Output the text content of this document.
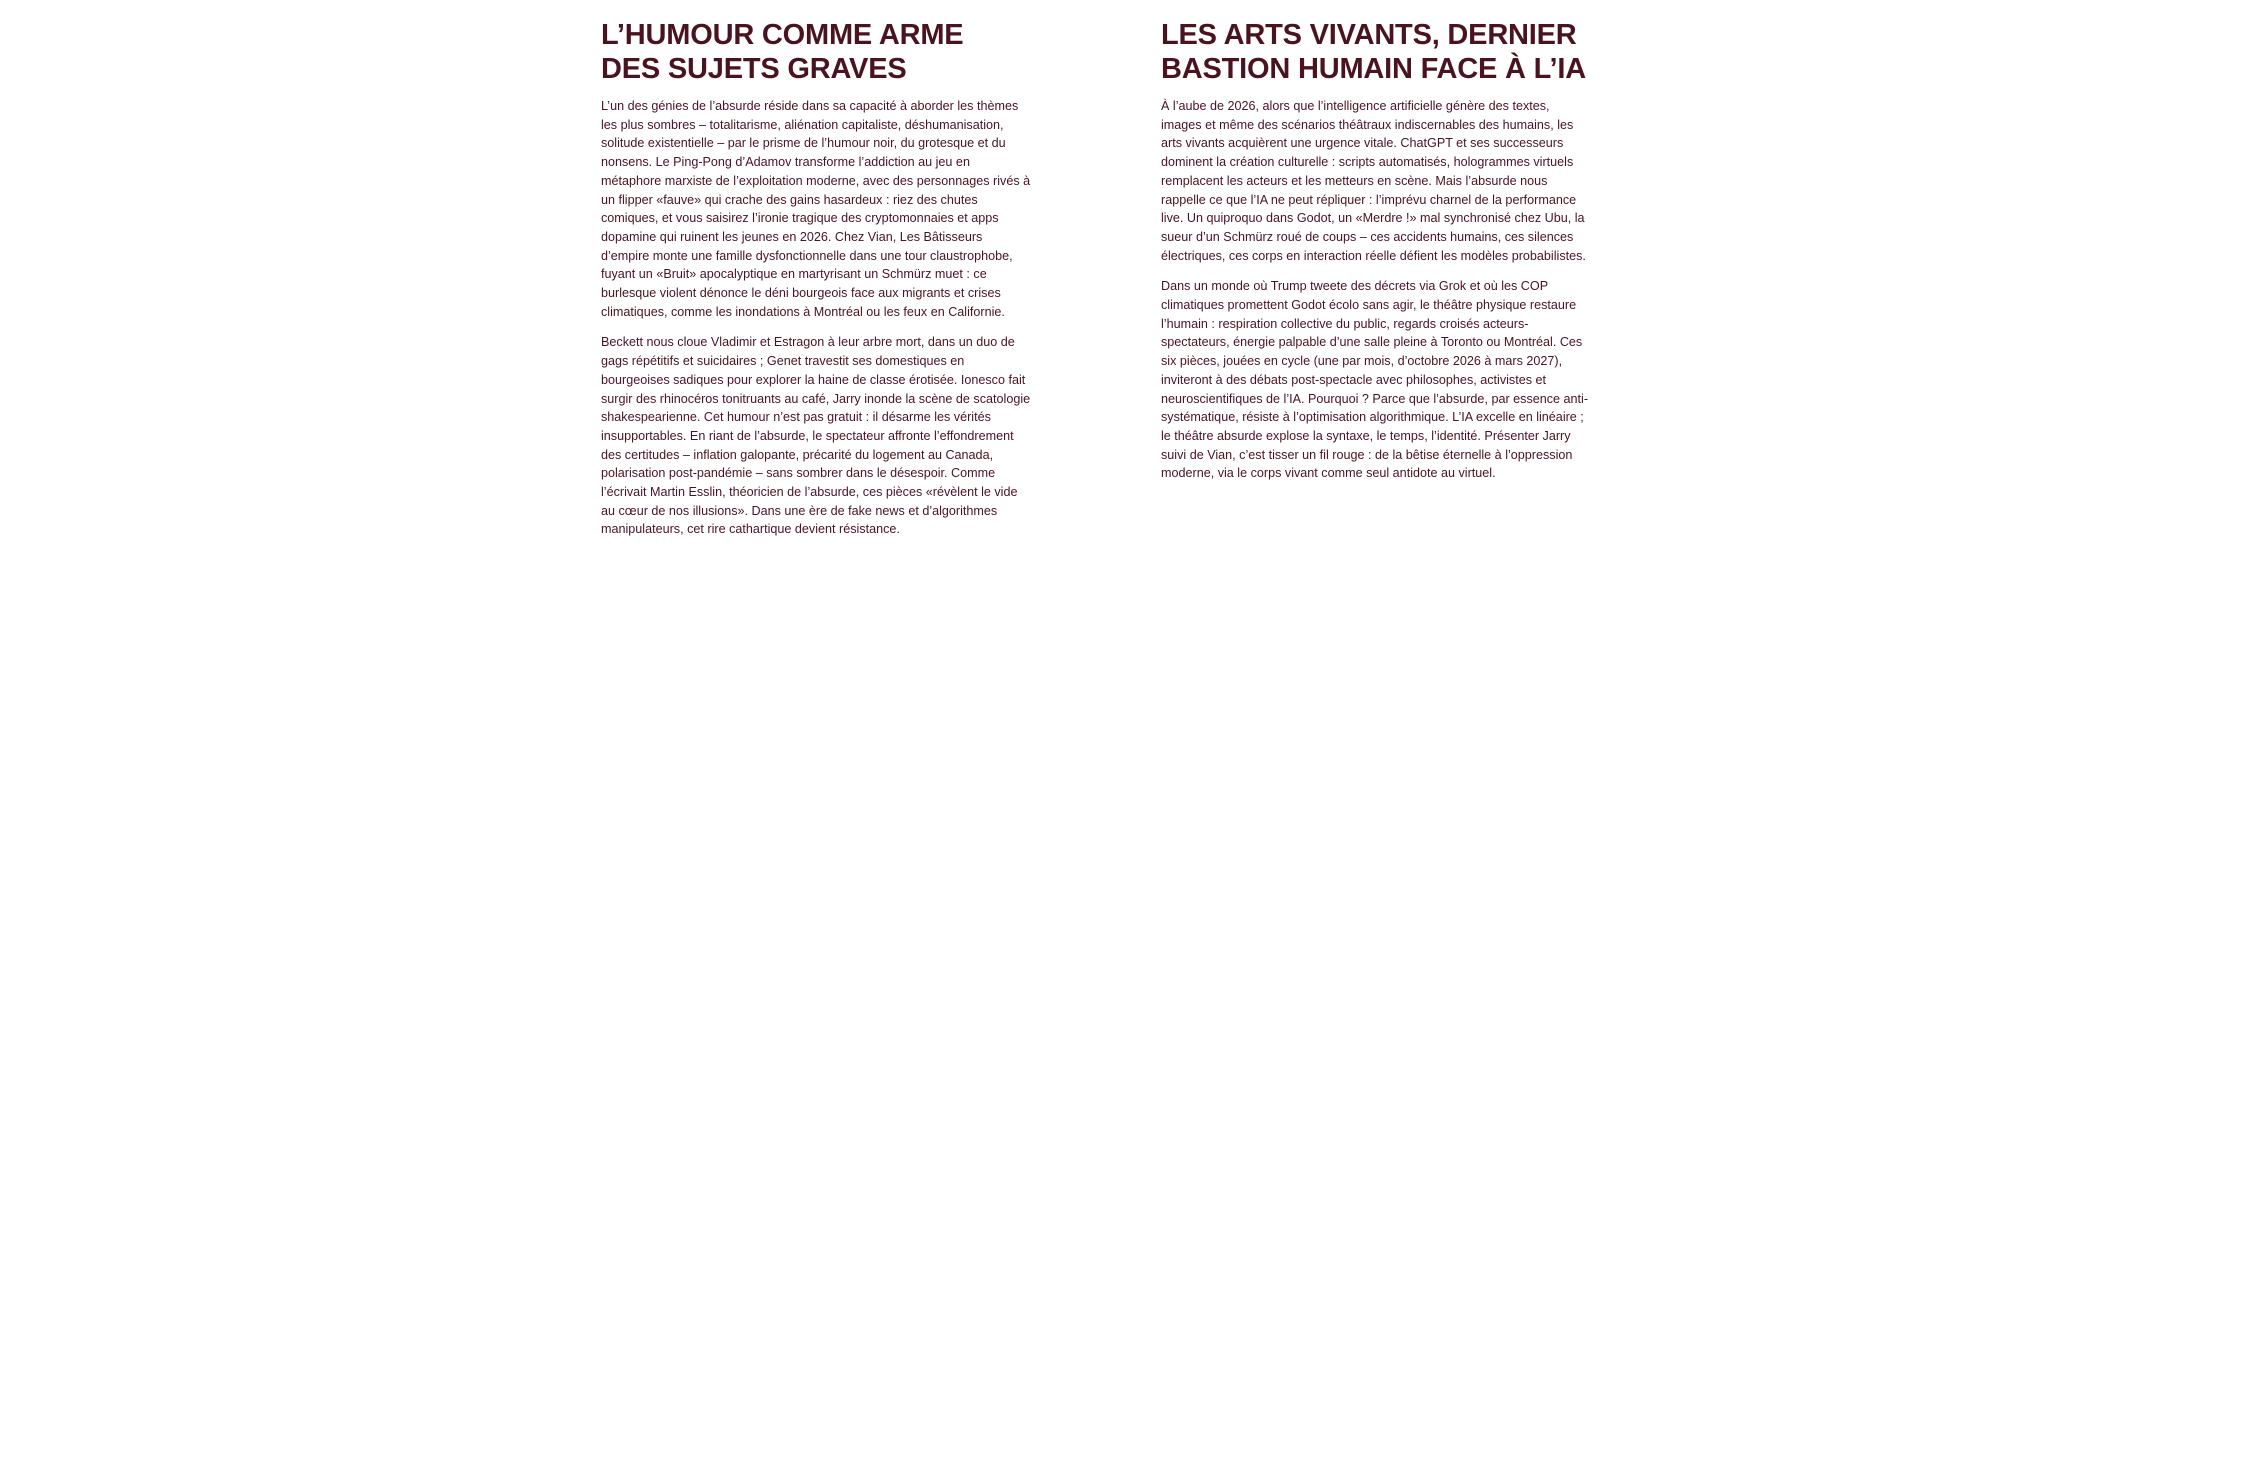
L’HUMOUR COMME ARME
DES SUJETS GRAVES

L’un des génies de l’absurde réside dans sa capacité à aborder les thèmes les plus sombres – totalitarisme, aliénation capitaliste, déshumanisation, solitude existentielle – par le prisme de l’humour noir, du grotesque et du nonsens. Le Ping-Pong d’Adamov transforme l’addiction au jeu en métaphore marxiste de l’exploitation moderne, avec des personnages rivés à un flipper «fauve» qui crache des gains hasardeux : riez des chutes comiques, et vous saisirez l’ironie tragique des cryptomonnaies et apps dopamine qui ruinent les jeunes en 2026. Chez Vian, Les Bâtisseurs d’empire monte une famille dysfonctionnelle dans une tour claustrophobe, fuyant un «Bruit» apocalyptique en martyrisant un Schmürz muet : ce burlesque violent dénonce le déni bourgeois face aux migrants et crises climatiques, comme les inondations à Montréal ou les feux en Californie.

Beckett nous cloue Vladimir et Estragon à leur arbre mort, dans un duo de gags répétitifs et suicidaires ; Genet travestit ses domestiques en bourgeoises sadiques pour explorer la haine de classe érotisée. Ionesco fait surgir des rhinocéros tonitruants au café, Jarry inonde la scène de scatologie shakespearienne. Cet humour n’est pas gratuit : il désarme les vérités insupportables. En riant de l’absurde, le spectateur affronte l’effondrement des certitudes – inflation galopante, précarité du logement au Canada, polarisation post-pandémie – sans sombrer dans le désespoir. Comme l’écrivait Martin Esslin, théoricien de l’absurde, ces pièces «révèlent le vide au cœur de nos illusions». Dans une ère de fake news et d’algorithmes manipulateurs, cet rire cathartique devient résistance.

LES ARTS VIVANTS, DERNIER
BASTION HUMAIN FACE À L’IA

À l’aube de 2026, alors que l’intelligence artificielle génère des textes, images et même des scénarios théâtraux indiscernables des humains, les arts vivants acquièrent une urgence vitale. ChatGPT et ses successeurs dominent la création culturelle : scripts automatisés, hologrammes virtuels remplacent les acteurs et les metteurs en scène. Mais l’absurde nous rappelle ce que l’IA ne peut répliquer : l’imprévu charnel de la performance live. Un quiproquo dans Godot, un «Merdre !» mal synchronisé chez Ubu, la sueur d’un Schmürz roué de coups – ces accidents humains, ces silences électriques, ces corps en interaction réelle défient les modèles probabilistes.

Dans un monde où Trump tweete des décrets via Grok et où les COP climatiques promettent Godot écolo sans agir, le théâtre physique restaure l’humain : respiration collective du public, regards croisés acteurs-spectateurs, énergie palpable d’une salle pleine à Toronto ou Montréal. Ces six pièces, jouées en cycle (une par mois, d’octobre 2026 à mars 2027), inviteront à des débats post-spectacle avec philosophes, activistes et neuroscientifiques de l’IA. Pourquoi ? Parce que l’absurde, par essence anti-systématique, résiste à l’optimisation algorithmique. L’IA excelle en linéaire ; le théâtre absurde explose la syntaxe, le temps, l’identité. Présenter Jarry suivi de Vian, c’est tisser un fil rouge : de la bêtise éternelle à l’oppression moderne, via le corps vivant comme seul antidote au virtuel.
